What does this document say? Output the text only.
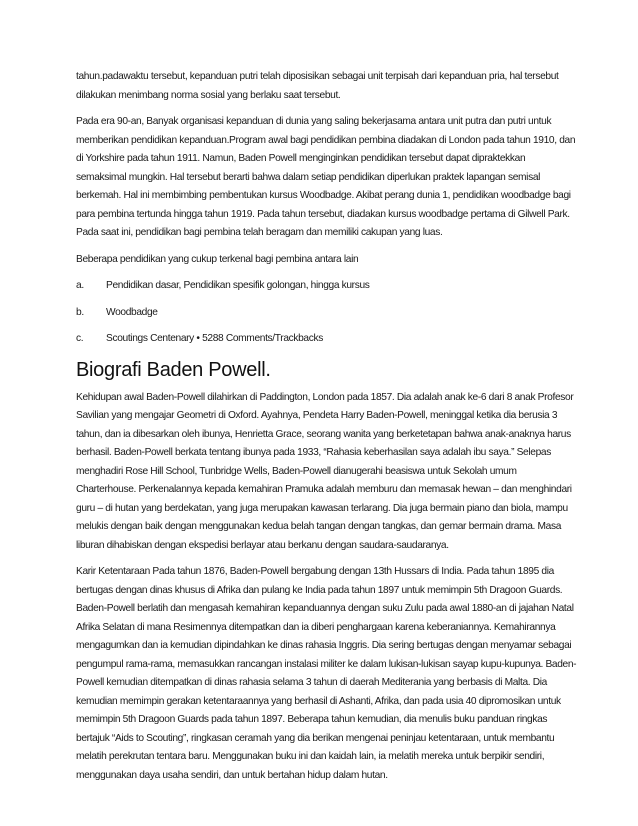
tahun.padawaktu tersebut, kepanduan putri telah diposisikan sebagai unit terpisah dari kepanduan pria, hal tersebut dilakukan menimbang norma sosial yang berlaku saat tersebut.

Pada era 90-an, Banyak organisasi kepanduan di dunia yang saling bekerjasama antara unit putra dan putri untuk memberikan pendidikan kepanduan.Program awal bagi pendidikan pembina diadakan di London pada tahun 1910, dan di Yorkshire pada tahun 1911. Namun, Baden Powell menginginkan pendidikan tersebut dapat dipraktekkan semaksimal mungkin. Hal tersebut berarti bahwa dalam setiap pendidikan diperlukan praktek lapangan semisal berkemah. Hal ini membimbing pembentukan kursus Woodbadge. Akibat perang dunia 1, pendidikan woodbadge bagi para pembina tertunda hingga tahun 1919. Pada tahun tersebut, diadakan kursus woodbadge pertama di Gilwell Park. Pada saat ini, pendidikan bagi pembina telah beragam dan memiliki cakupan yang luas.

Beberapa pendidikan yang cukup terkenal bagi pembina antara lain

a.	Pendidikan dasar, Pendidikan spesifik golongan, hingga kursus
b.	Woodbadge
c.	Scoutings Centenary • 5288 Comments/Trackbacks
Biografi Baden Powell.

Kehidupan awal Baden-Powell dilahirkan di Paddington, London pada 1857. Dia adalah anak ke-6 dari 8 anak Profesor Savilian yang mengajar Geometri di Oxford. Ayahnya, Pendeta Harry Baden-Powell, meninggal ketika dia berusia 3 tahun, dan ia dibesarkan oleh ibunya, Henrietta Grace, seorang wanita yang berketetapan bahwa anak-anaknya harus berhasil. Baden-Powell berkata tentang ibunya pada 1933, “Rahasia keberhasilan saya adalah ibu saya.” Selepas menghadiri Rose Hill School, Tunbridge Wells, Baden-Powell dianugerahi beasiswa untuk Sekolah umum Charterhouse. Perkenalannya kepada kemahiran Pramuka adalah memburu dan memasak hewan – dan menghindari guru – di hutan yang berdekatan, yang juga merupakan kawasan terlarang. Dia juga bermain piano dan biola, mampu melukis dengan baik dengan menggunakan kedua belah tangan dengan tangkas, dan gemar bermain drama. Masa liburan dihabiskan dengan ekspedisi berlayar atau berkanu dengan saudara-saudaranya.

Karir Ketentaraan Pada tahun 1876, Baden-Powell bergabung dengan 13th Hussars di India. Pada tahun 1895 dia bertugas dengan dinas khusus di Afrika dan pulang ke India pada tahun 1897 untuk memimpin 5th Dragoon Guards. Baden-Powell berlatih dan mengasah kemahiran kepanduannya dengan suku Zulu pada awal 1880-an di jajahan Natal Afrika Selatan di mana Resimennya ditempatkan dan ia diberi penghargaan karena keberaniannya. Kemahirannya mengagumkan dan ia kemudian dipindahkan ke dinas rahasia Inggris. Dia sering bertugas dengan menyamar sebagai pengumpul rama-rama, memasukkan rancangan instalasi militer ke dalam lukisan-lukisan sayap kupu-kupunya. Baden-Powell kemudian ditempatkan di dinas rahasia selama 3 tahun di daerah Mediterania yang berbasis di Malta. Dia kemudian memimpin gerakan ketentaraannya yang berhasil di Ashanti, Afrika, dan pada usia 40 dipromosikan untuk memimpin 5th Dragoon Guards pada tahun 1897. Beberapa tahun kemudian, dia menulis buku panduan ringkas bertajuk “Aids to Scouting”, ringkasan ceramah yang dia berikan mengenai peninjau ketentaraan, untuk membantu melatih perekrutan tentara baru. Menggunakan buku ini dan kaidah lain, ia melatih mereka untuk berpikir sendiri, menggunakan daya usaha sendiri, dan untuk bertahan hidup dalam hutan.
